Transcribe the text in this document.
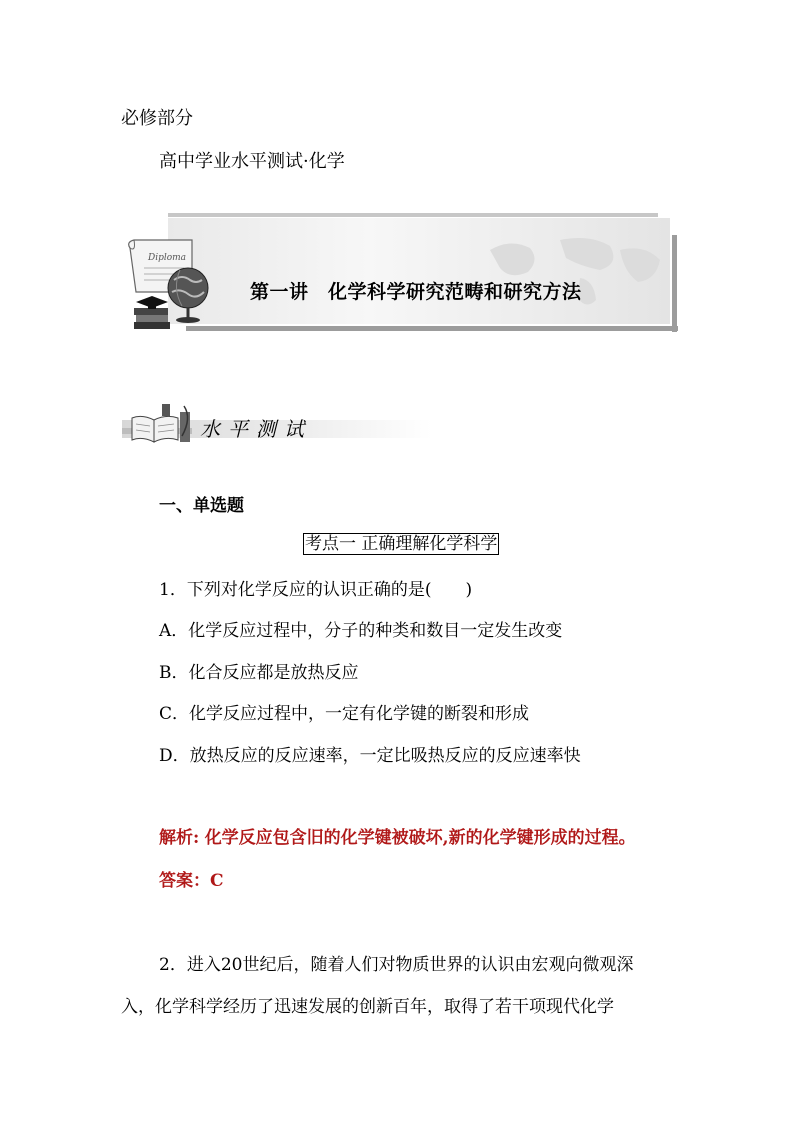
必修部分
高中学业水平测试·化学
Diploma
第一讲　化学科学研究范畴和研究方法
水平测试
一、单选题
考点一 正确理解化学科学
1．下列对化学反应的认识正确的是(　　)
A．化学反应过程中，分子的种类和数目一定发生改变
B．化合反应都是放热反应
C．化学反应过程中，一定有化学键的断裂和形成
D．放热反应的反应速率，一定比吸热反应的反应速率快
解析: 化学反应包含旧的化学键被破坏,新的化学键形成的过程。
答案：C
2．进入20世纪后，随着人们对物质世界的认识由宏观向微观深
入，化学科学经历了迅速发展的创新百年，取得了若干项现代化学
